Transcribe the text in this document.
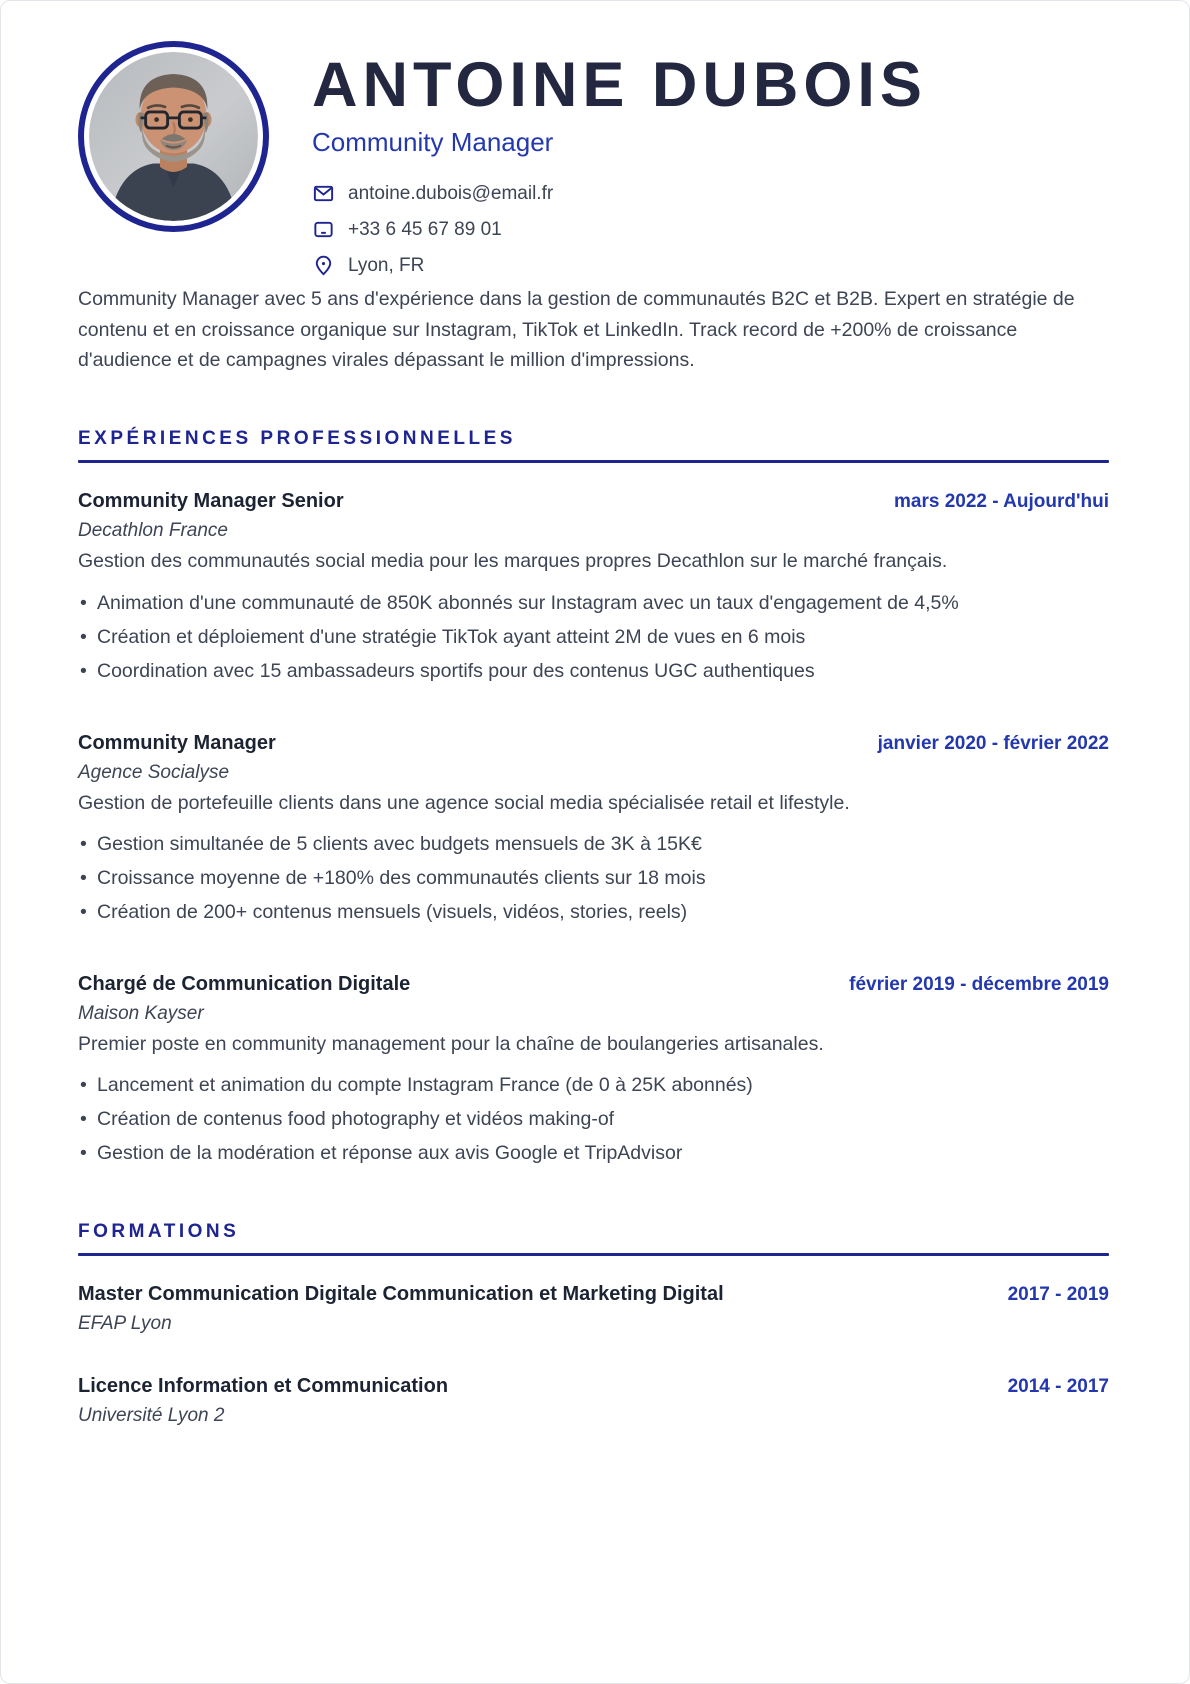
ANTOINE DUBOIS
Community Manager
antoine.dubois@email.fr
+33 6 45 67 89 01
Lyon, FR

Community Manager avec 5 ans d'expérience dans la gestion de communautés B2C et B2B. Expert en stratégie de contenu et en croissance organique sur Instagram, TikTok et LinkedIn. Track record de +200% de croissance d'audience et de campagnes virales dépassant le million d'impressions.

EXPÉRIENCES PROFESSIONNELLES
Community Manager Senior	mars 2022 - Aujourd'hui
Decathlon France
Gestion des communautés social media pour les marques propres Decathlon sur le marché français.
• Animation d'une communauté de 850K abonnés sur Instagram avec un taux d'engagement de 4,5%
• Création et déploiement d'une stratégie TikTok ayant atteint 2M de vues en 6 mois
• Coordination avec 15 ambassadeurs sportifs pour des contenus UGC authentiques
Community Manager	janvier 2020 - février 2022
Agence Socialyse
Gestion de portefeuille clients dans une agence social media spécialisée retail et lifestyle.
• Gestion simultanée de 5 clients avec budgets mensuels de 3K à 15K€
• Croissance moyenne de +180% des communautés clients sur 18 mois
• Création de 200+ contenus mensuels (visuels, vidéos, stories, reels)
Chargé de Communication Digitale	février 2019 - décembre 2019
Maison Kayser
Premier poste en community management pour la chaîne de boulangeries artisanales.
• Lancement et animation du compte Instagram France (de 0 à 25K abonnés)
• Création de contenus food photography et vidéos making-of
• Gestion de la modération et réponse aux avis Google et TripAdvisor
FORMATIONS
Master Communication Digitale Communication et Marketing Digital	2017 - 2019
EFAP Lyon
Licence Information et Communication	2014 - 2017
Université Lyon 2
